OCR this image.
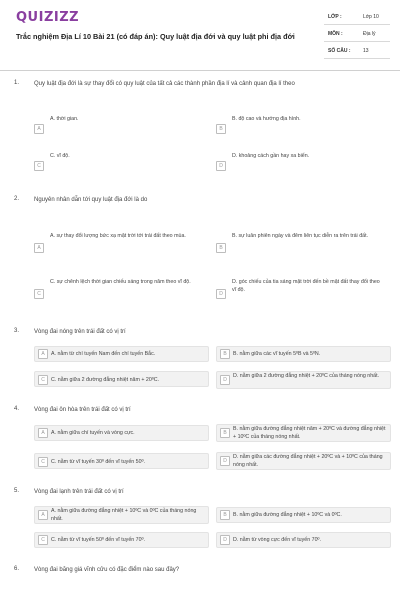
QUIZIZZ
Trắc nghiệm Địa Lí 10 Bài 21 (có đáp án): Quy luật địa đới và quy luật phi địa đới
LỚP :	Lớp 10
MÔN :	Địa lý
SỐ CÂU :	13
1. Quy luật địa đới là sự thay đổi có quy luật của tất cả các thành phần địa lí và cảnh quan địa lí theo
A
A. thời gian.
B
B. độ cao và hướng địa hình.
C
C. vĩ độ.
D
D. khoảng cách gần hay xa biển.
2. Nguyên nhân dẫn tới quy luật địa đới là do
A
A. sự thay đổi lượng bức xạ mặt trời tới trái đất theo mùa.
B
B. sự luân phiên ngày và đêm liên tục diễn ra trên trái đất.
C
C. sự chênh lệch thời gian chiếu sáng trong năm theo vĩ độ.
D
D. góc chiếu của tia sáng mặt trời đến bề mặt đất thay đổi theo vĩ độ.
3. Vòng đai nóng trên trái đất có vị trí
A	A. nằm từ chí tuyến Nam đến chí tuyến Bắc.	B	B. nằm giữa các vĩ tuyến 5ºB và 5ºN.
C	C. nằm giữa 2 đường đẳng nhiệt năm + 20ºC.	D
D. nằm giữa 2 đường đẳng nhiệt + 20ºC của tháng nóng nhất.
4. Vòng đai ôn hòa trên trái đất có vị trí
A	A. nằm giữa chí tuyến và vòng cực.	B
B. nằm giữa đường đẳng nhiệt năm + 20ºC và đường đẳng nhiệt + 10ºC của tháng nóng nhất.
C	C. nằm từ vĩ tuyến 30º đến vĩ tuyến 50º.	D
D. nằm giữa các đường đẳng nhiệt + 20ºC và + 10ºC của tháng nóng nhất.
5. Vòng đai lạnh trên trái đất có vị trí
A
A. nằm giữa đường đẳng nhiệt + 10ºC và 0ºC của tháng nóng nhất.
B	B. nằm giữa đường đẳng nhiệt + 10ºC và 0ºC.
C	C. nằm từ vĩ tuyến 50º đến vĩ tuyến 70º.	D	D. nằm từ vòng cực đến vĩ tuyến 70º.
6. Vòng đai băng giá vĩnh cửu có đặc điểm nào sau đây?
